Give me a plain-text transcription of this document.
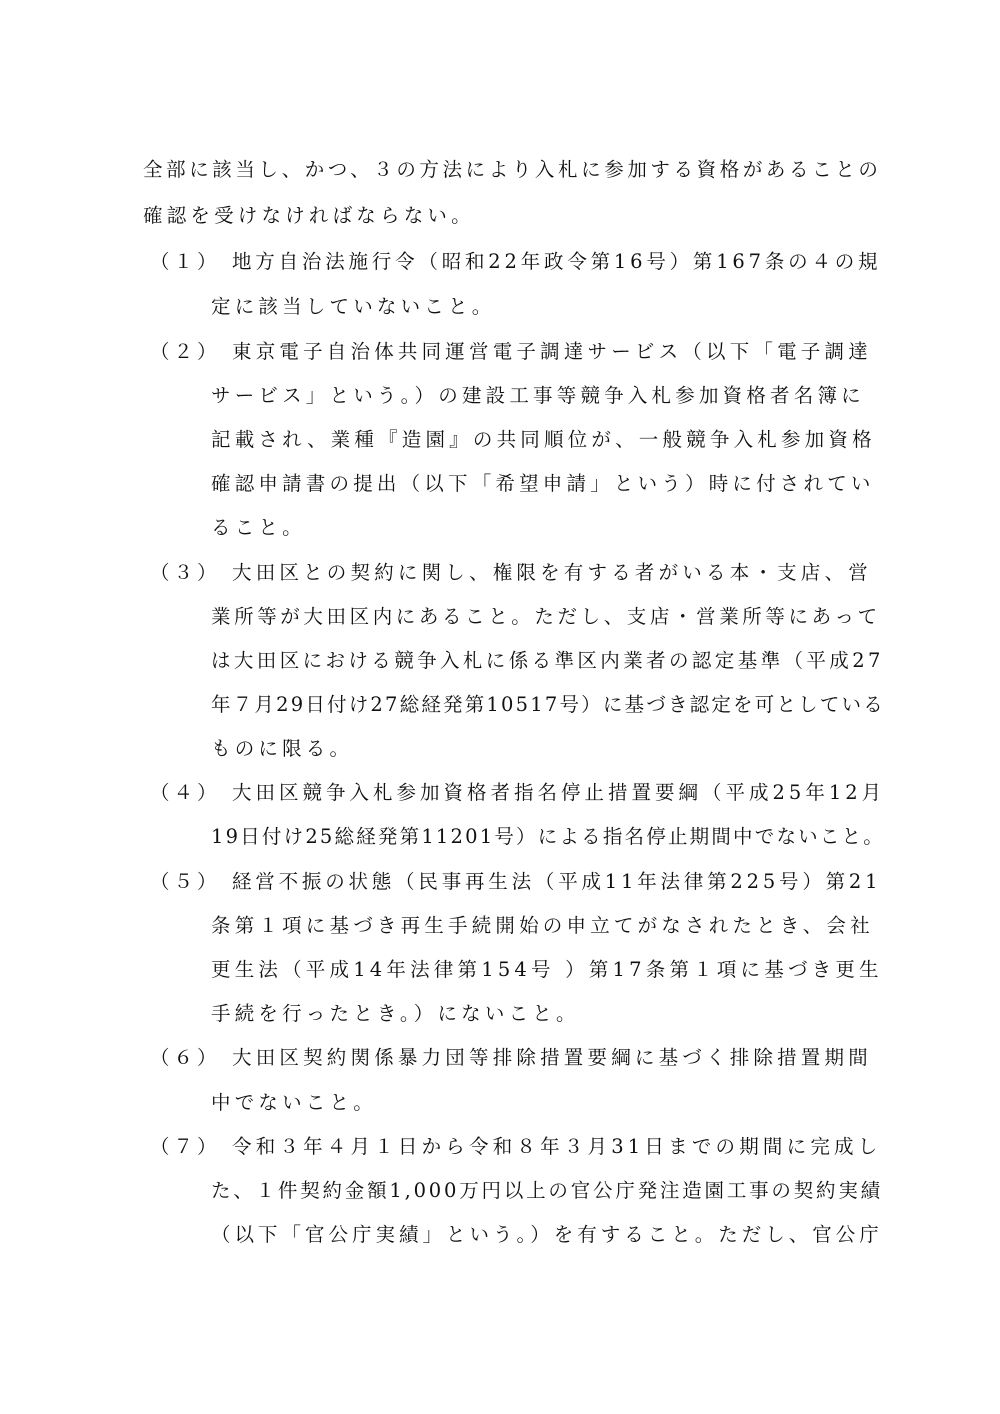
全部に該当し、かつ、３の方法により入札に参加する資格があることの
確認を受けなければならない。
（１） 地方自治法施行令（昭和22年政令第16号）第167条の４の規
定に該当していないこと。
（２） 東京電子自治体共同運営電子調達サービス（以下「電子調達
サービス」という。）の建設工事等競争入札参加資格者名簿に
記載され、業種『造園』の共同順位が、一般競争入札参加資格
確認申請書の提出（以下「希望申請」という）時に付されてい
ること。
（３） 大田区との契約に関し、権限を有する者がいる本・支店、営
業所等が大田区内にあること。ただし、支店・営業所等にあって
は大田区における競争入札に係る準区内業者の認定基準（平成27
年７月29日付け27総経発第10517号）に基づき認定を可としている
ものに限る。
（４） 大田区競争入札参加資格者指名停止措置要綱（平成25年12月
19日付け25総経発第11201号）による指名停止期間中でないこと。
（５） 経営不振の状態（民事再生法（平成11年法律第225号）第21
条第１項に基づき再生手続開始の申立てがなされたとき、会社
更生法（平成14年法律第154号 ）第17条第１項に基づき更生
手続を行ったとき。）にないこと。
（６） 大田区契約関係暴力団等排除措置要綱に基づく排除措置期間
中でないこと。
（７） 令和３年４月１日から令和８年３月31日までの期間に完成し
た、１件契約金額1,000万円以上の官公庁発注造園工事の契約実績
（以下「官公庁実績」という。）を有すること。ただし、官公庁
